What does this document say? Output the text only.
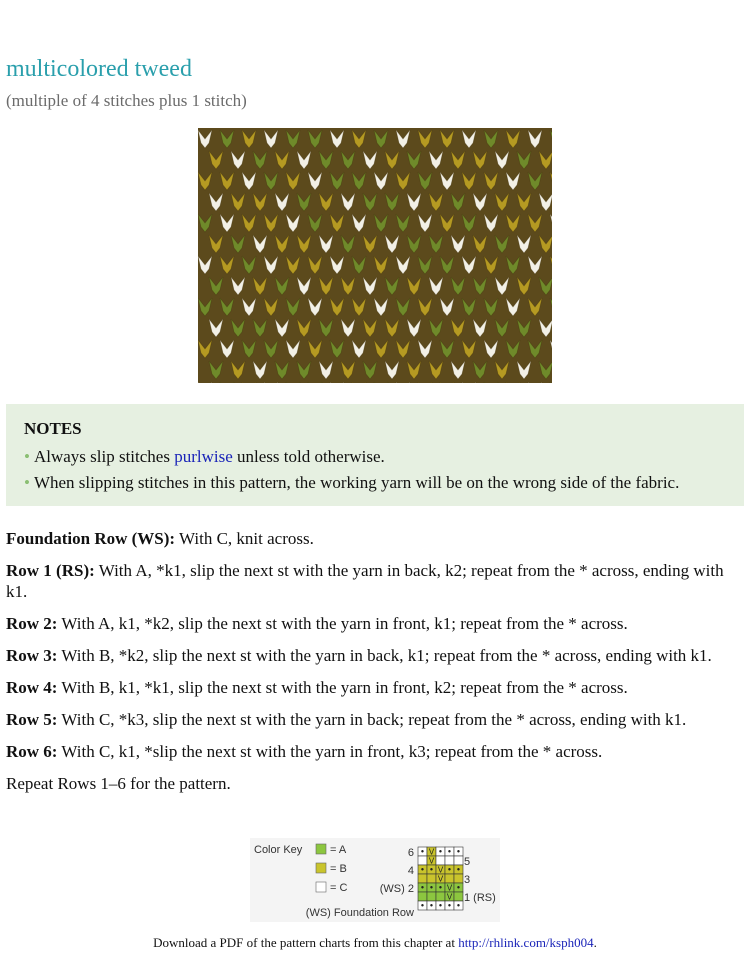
multicolored tweed

(multiple of 4 stitches plus 1 stitch)

NOTES
• Always slip stitches purlwise unless told otherwise.
• When slipping stitches in this pattern, the working yarn will be on the wrong side of the fabric.

Foundation Row (WS): With C, knit across.

Row 1 (RS): With A, *k1, slip the next st with the yarn in back, k2; repeat from the * across, ending with k1.

Row 2: With A, k1, *k2, slip the next st with the yarn in front, k1; repeat from the * across.

Row 3: With B, *k2, slip the next st with the yarn in back, k1; repeat from the * across, ending with k1.

Row 4: With B, k1, *k1, slip the next st with the yarn in front, k2; repeat from the * across.

Row 5: With C, *k3, slip the next st with the yarn in back; repeat from the * across, ending with k1.

Row 6: With C, k1, *slip the next st with the yarn in front, k3; repeat from the * across.

Repeat Rows 1–6 for the pattern.

Color Key	= A
= B
= C
• V • • •
V
• • V • •
V
• • • V •
V
• • • • •
6
4
(WS) 2
(WS) Foundation Row
5
3
1 (RS)
Download a PDF of the pattern charts from this chapter at http://rhlink.com/ksph004.
